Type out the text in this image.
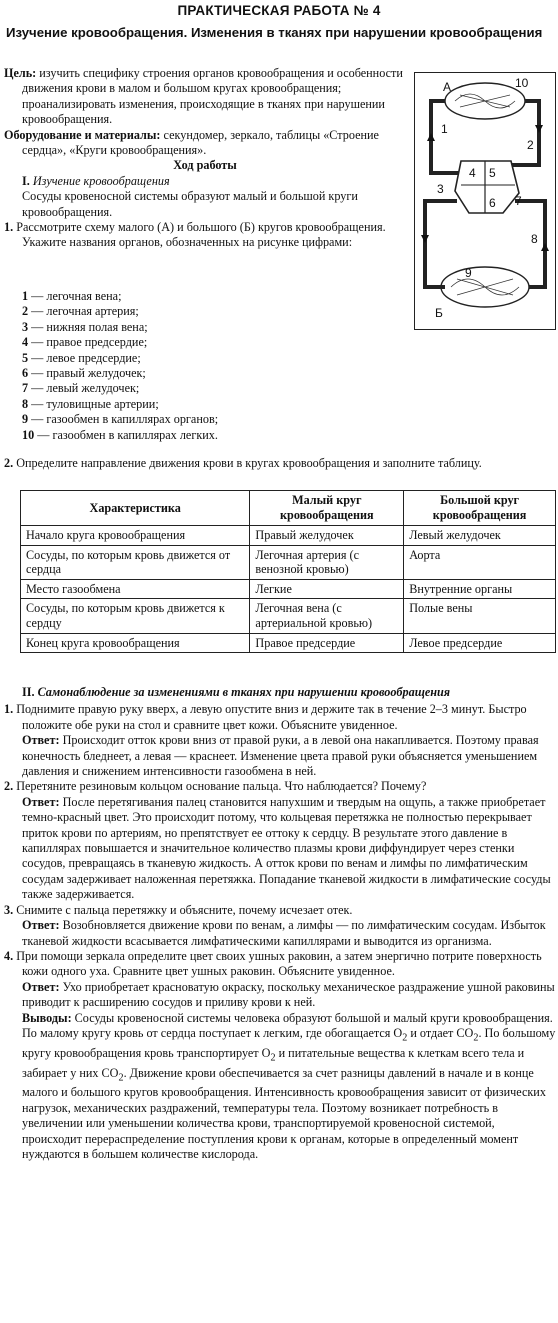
ПРАКТИЧЕСКАЯ РАБОТА № 4
Изучение кровообращения. Изменения в тканях при нарушении кровообращения

Цель: изучить специфику строения органов кровообращения и особенности движения крови в малом и большом кругах кровообращения; проанализировать изменения, происходящие в тканях при нарушении кровообращения.

Оборудование и материалы: секундомер, зеркало, таблицы «Строение сердца», «Круги кровообращения».

Ход работы

I. Изучение кровообращения

Сосуды кровеносной системы образуют малый и большой круги кровообращения.

1. Рассмотрите схему малого (А) и большого (Б) кругов кровообращения. Укажите названия органов, обозначенных на рисунке цифрами:

А
Б
10
1
2
5
4
3
6 7
8
9
1 — легочная вена;
2 — легочная артерия;
3 — нижняя полая вена;
4 — правое предсердие;
5 — левое предсердие;
6 — правый желудочек;
7 — левый желудочек;
8 — туловищные артерии;
9 — газообмен в капиллярах органов;
10 — газообмен в капиллярах легких.

2. Определите направление движения крови в кругах кровообращения и заполните таблицу.

Характеристика	Малый круг кровообращения	Большой круг кровообращения
Начало круга кровообращения	Правый желудочек	Левый желудочек
Сосуды, по которым кровь движется от сердца	Легочная артерия (с венозной кровью)	Аорта
Место газообмена	Легкие	Внутренние органы
Сосуды, по которым кровь движется к сердцу	Легочная вена (с артериальной кровью)	Полые вены
Конец круга кровообращения	Правое предсердие	Левое предсердие

II. Самонаблюдение за изменениями в тканях при нарушении кровообращения

1. Поднимите правую руку вверх, а левую опустите вниз и держите так в течение 2–3 минут. Быстро положите обе руки на стол и сравните цвет кожи. Объясните увиденное.

Ответ: Происходит отток крови вниз от правой руки, а в левой она накапливается. Поэтому правая конечность бледнеет, а левая — краснеет. Изменение цвета правой руки объясняется уменьшением давления и снижением интенсивности газообмена в ней.

2. Перетяните резиновым кольцом основание пальца. Что наблюдается? Почему?

Ответ: После перетягивания палец становится напухшим и твердым на ощупь, а также приобретает темно-красный цвет. Это происходит потому, что кольцевая перетяжка не полностью перекрывает приток крови по артериям, но препятствует ее оттоку к сердцу. В результате этого давление в капиллярах повышается и значительное количество плазмы крови диффундирует через стенки сосудов, превращаясь в тканевую жидкость. А отток крови по венам и лимфы по лимфатическим сосудам задерживает наложенная перетяжка. Попадание тканевой жидкости в лимфатические сосуды также задерживается.

3. Снимите с пальца перетяжку и объясните, почему исчезает отек.

Ответ: Возобновляется движение крови по венам, а лимфы — по лимфатическим сосудам. Избыток тканевой жидкости всасывается лимфатическими капиллярами и выводится из организма.

4. При помощи зеркала определите цвет своих ушных раковин, а затем энергично потрите поверхность кожи одного уха. Сравните цвет ушных раковин. Объясните увиденное.

Ответ: Ухо приобретает красноватую окраску, поскольку механическое раздражение ушной раковины приводит к расширению сосудов и приливу крови к ней.

Выводы: Сосуды кровеносной системы человека образуют большой и малый круги кровообращения. По малому кругу кровь от сердца поступает к легким, где обогащается $O_2$ и отдает $CO_2$. По большому кругу кровообращения кровь транспортирует $O_2$ и питательные вещества к клеткам всего тела и забирает у них $CO_2$. Движение крови обеспечивается за счет разницы давлений в начале и в конце малого и большого кругов кровообращения. Интенсивность кровообращения зависит от физических нагрузок, механических раздражений, температуры тела. Поэтому возникает потребность в увеличении или уменьшении количества крови, транспортируемой кровеносной системой, происходит перераспределение поступления крови к органам, которые в определенный момент нуждаются в большем количестве кислорода.
